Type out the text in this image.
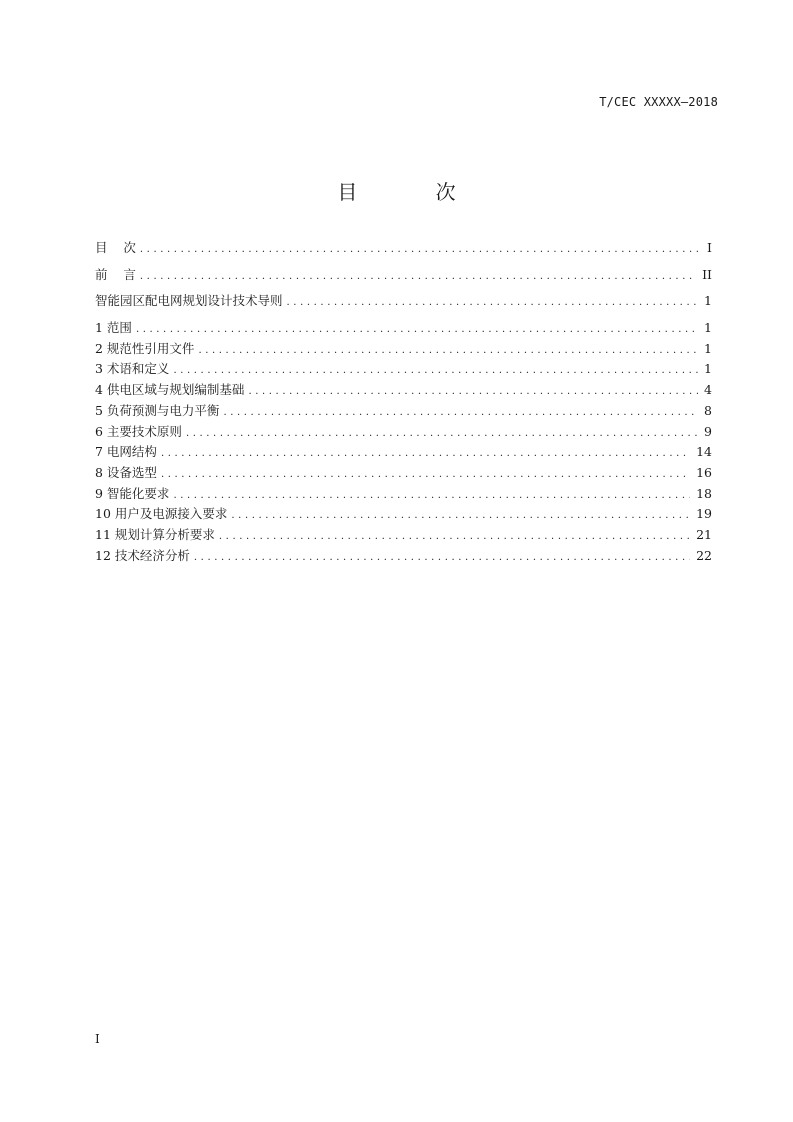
T/CEC XXXXX—2018
目 次
目    次 .....	I
前    言 .....	II
智能园区配电网规划设计技术导则 .....	1
1 范围 .....	1
2 规范性引用文件 .....	1
3 术语和定义 .....	1
4 供电区域与规划编制基础 .....	4
5 负荷预测与电力平衡 .....	8
6 主要技术原则 .....	9
7 电网结构 .....	14
8 设备选型 .....	16
9 智能化要求 .....	18
10 用户及电源接入要求 .....	19
11 规划计算分析要求 .....	21
12 技术经济分析 .....	22
I
